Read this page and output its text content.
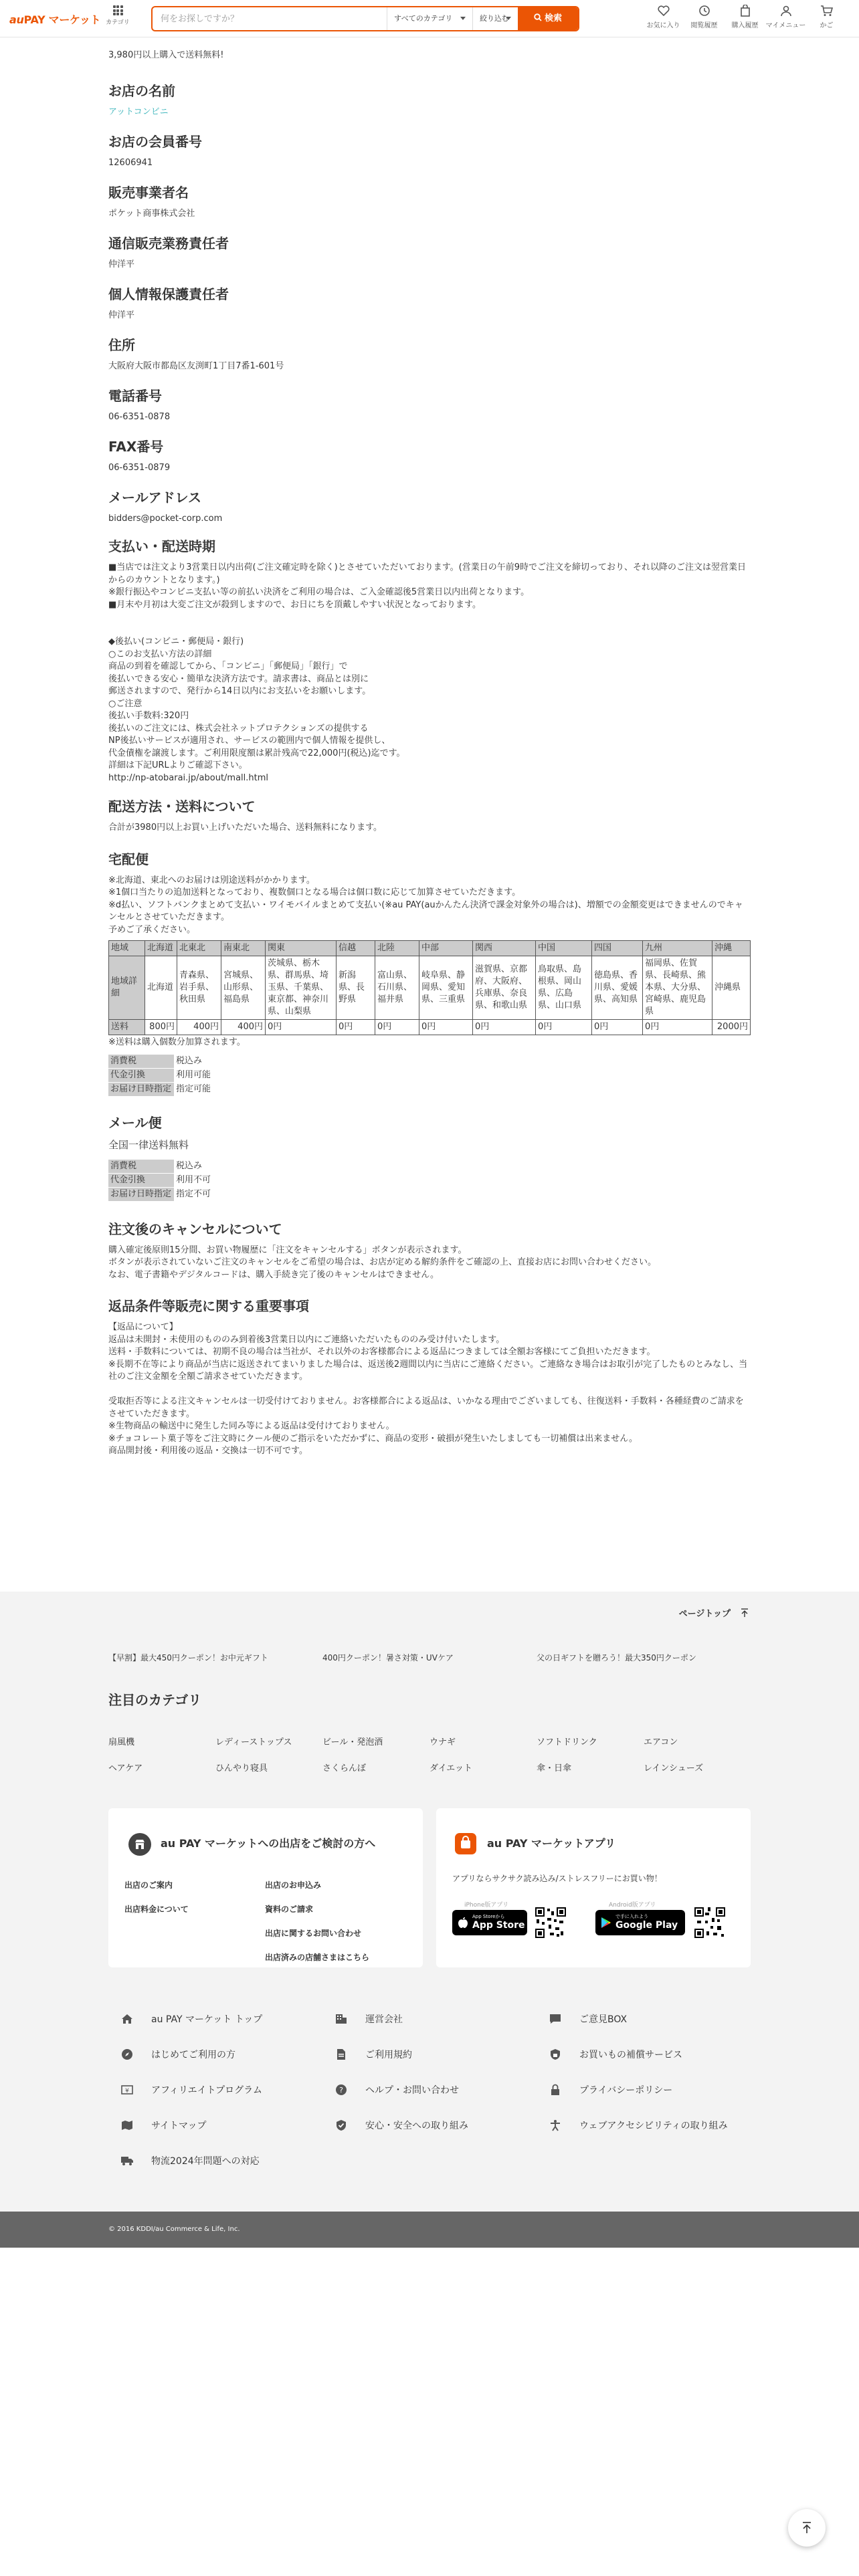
auPAY マーケット カテゴリ
何をお探しですか？	すべてのカテゴリ	絞り込む	検索
お気に入り	閲覧履歴	購入履歴	マイメニュー	かご
3,980円以上購入で送料無料!
お店の名前
アットコンビニ
お店の会員番号
12606941
販売事業者名
ポケット商事株式会社
通信販売業務責任者
仲洋平
個人情報保護責任者
仲洋平
住所
大阪府大阪市都島区友渕町1丁目7番1-601号
電話番号
06-6351-0878
FAX番号
06-6351-0879
メールアドレス
bidders@pocket-corp.com
支払い・配送時期

■当店では注文より3営業日以内出荷(ご注文確定時を除く)とさせていただいております。(営業日の午前9時でご注文を締切っており、それ以降のご注文は翌営業日からのカウントとなります。)
※銀行振込やコンビニ支払い等の前払い決済をご利用の場合は、ご入金確認後5営業日以内出荷となります。
■月末や月初は大変ご注文が殺到しますので、お日にちを頂戴しやすい状況となっております。

◆後払い(コンビニ・郵便局・銀行)
○このお支払い方法の詳細
商品の到着を確認してから、「コンビニ」「郵便局」「銀行」で
後払いできる安心・簡単な決済方法です。請求書は、商品とは別に
郵送されますので、発行から14日以内にお支払いをお願いします。
○ご注意
後払い手数料:320円
後払いのご注文には、株式会社ネットプロテクションズの提供する
NP後払いサービスが適用され、サービスの範囲内で個人情報を提供し、
代金債権を譲渡します。ご利用限度額は累計残高で22,000円(税込)迄です。
詳細は下記URLよりご確認下さい。
http://np-atobarai.jp/about/mall.html

配送方法・送料について

合計が3980円以上お買い上げいただいた場合、送料無料になります。

宅配便

※北海道、東北へのお届けは別途送料がかかります。
※1個口当たりの追加送料となっており、複数個口となる場合は個口数に応じて加算させていただきます。
※d払い、ソフトバンクまとめて支払い・ワイモバイルまとめて支払い(※au PAY(auかんたん決済で課金対象外の場合は)、増額での金額変更はできませんのでキャンセルとさせていただきます。
予めご了承ください。

地域	北海道	北東北	南東北	関東	信越	北陸	中部	関西	中国	四国	九州	沖縄
地域詳細	北海道	青森県、岩手県、秋田県	宮城県、山形県、福島県	茨城県、栃木県、群馬県、埼玉県、千葉県、東京都、神奈川県、山梨県	新潟県、長野県	富山県、石川県、福井県	岐阜県、静岡県、愛知県、三重県	滋賀県、京都府、大阪府、兵庫県、奈良県、和歌山県	鳥取県、島根県、岡山県、広島県、山口県	徳島県、香川県、愛媛県、高知県	福岡県、佐賀県、長崎県、熊本県、大分県、宮崎県、鹿児島県	沖縄県
送料	800円	400円	400円	0円	0円	0円	0円	0円	0円	0円	0円	2000円

※送料は購入個数分加算されます。

消費税	税込み
代金引換	利用可能
お届け日時指定	指定可能
メール便

全国一律送料無料

消費税	税込み
代金引換	利用不可
お届け日時指定	指定不可
注文後のキャンセルについて

購入確定後原則15分間、お買い物履歴に「注文をキャンセルする」ボタンが表示されます。
ボタンが表示されていないご注文のキャンセルをご希望の場合は、お店が定める解約条件をご確認の上、直接お店にお問い合わせください。
なお、電子書籍やデジタルコードは、購入手続き完了後のキャンセルはできません。

返品条件等販売に関する重要事項

【返品について】
返品は未開封・未使用のもののみ到着後3営業日以内にご連絡いただいたもののみ受け付いたします。
送料・手数料については、初期不良の場合は当社が、それ以外のお客様都合による返品につきましては全額お客様にてご負担いただきます。
※長期不在等により商品が当店に返送されてまいりました場合は、返送後2週間以内に当店にご連絡ください。ご連絡なき場合はお取引が完了したものとみなし、当社のご注文金額を全額ご請求させていただきます。

受取拒否等による注文キャンセルは一切受付けておりません。お客様都合による返品は、いかなる理由でございましても、往復送料・手数料・各種経費のご請求をさせていただきます。
※生物商品の輸送中に発生した同み等による返品は受付けておりません。
※チョコレート菓子等をご注文時にクール便のご指示をいただかずに、商品の変形・破損が発生いたしましても一切補償は出来ません。
商品開封後・利用後の返品・交換は一切不可です。

ページトップ
【早割】最大450円クーポン！お中元ギフト	400円クーポン！暑さ対策・UVケア	父の日ギフトを贈ろう！最大350円クーポン
注目のカテゴリ
扇風機	レディーストップス	ビール・発泡酒	ウナギ	ソフトドリンク	エアコン
ヘアケア	ひんやり寝具	さくらんぼ	ダイエット	傘・日傘	レインシューズ
au PAY マーケットへの出店をご検討の方へ
出店のご案内	出店のお申込み
出店料金について	資料のご請求
出店に関するお問い合わせ
出店済みの店舗さまはこちら
au PAY マーケットアプリ
アプリならサクサク読み込み/ストレスフリーにお買い物！
iPhone版アプリ
App Storeから
App Store
Android版アプリ
で手に入れよう
Google Play
au PAY マーケット トップ	運営会社	ご意見BOX
はじめてご利用の方	ご利用規約	お買いもの補償サービス
¥ アフィリエイトプログラム	? ヘルプ・お問い合わせ	プライバシーポリシー
サイトマップ	安心・安全への取り組み	ウェブアクセシビリティの取り組み
物流2024年問題への対応
© 2016 KDDI/au Commerce & Life, Inc.
